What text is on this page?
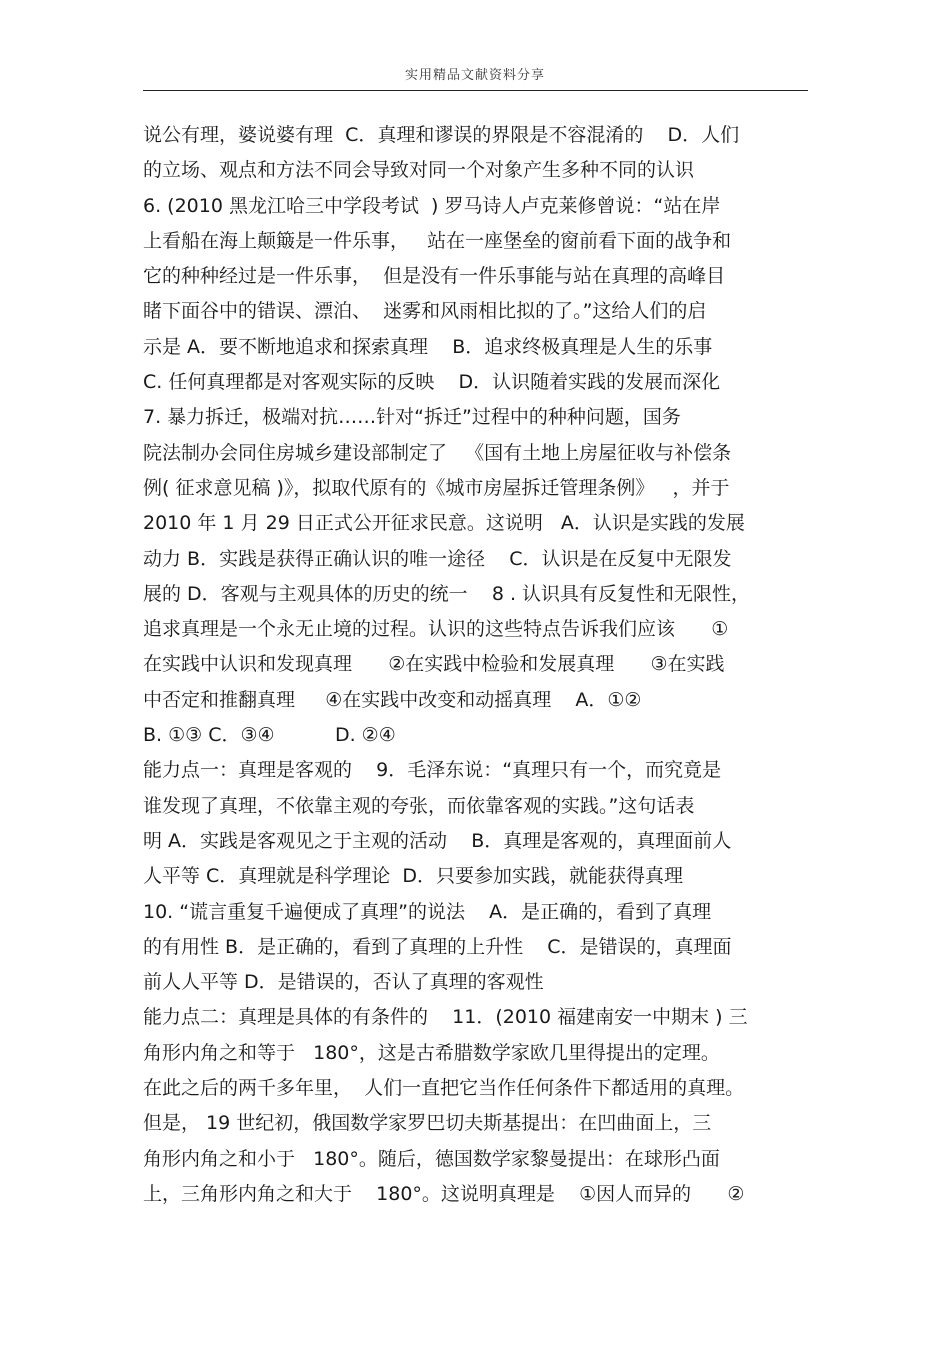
实用精品文献资料分享
说公有理，婆说婆有理  C．真理和谬误的界限是不容混淆的    D．人们
的立场、观点和方法不同会导致对同一个对象产生多种不同的认识
6. (2010 黑龙江哈三中学段考试  ) 罗马诗人卢克莱修曾说：“站在岸
上看船在海上颠簸是一件乐事，   站在一座堡垒的窗前看下面的战争和
它的种种经过是一件乐事，  但是没有一件乐事能与站在真理的高峰目
睹下面谷中的错误、漂泊、  迷雾和风雨相比拟的了。”这给人们的启
示是 A．要不断地追求和探索真理    B．追求终极真理是人生的乐事
C. 任何真理都是对客观实际的反映    D．认识随着实践的发展而深化
7. 暴力拆迁，极端对抗……针对“拆迁”过程中的种种问题，国务
院法制办会同住房城乡建设部制定了   《国有土地上房屋征收与补偿条
例( 征求意见稿 )》，拟取代原有的《城市房屋拆迁管理条例》   ，并于
2010 年 1 月 29 日正式公开征求民意。这说明   A．认识是实践的发展
动力 B．实践是获得正确认识的唯一途径    C．认识是在反复中无限发
展的 D．客观与主观具体的历史的统一    8 . 认识具有反复性和无限性，
追求真理是一个永无止境的过程。认识的这些特点告诉我们应该      ①
在实践中认识和发现真理      ②在实践中检验和发展真理      ③在实践
中否定和推翻真理     ④在实践中改变和动摇真理    A．①②
B. ①③ C．③④          D. ②④
能力点一：真理是客观的    9．毛泽东说：“真理只有一个，而究竟是
谁发现了真理，不依靠主观的夸张，而依靠客观的实践。”这句话表
明 A．实践是客观见之于主观的活动    B．真理是客观的，真理面前人
人平等 C．真理就是科学理论  D．只要参加实践，就能获得真理
10. “谎言重复千遍便成了真理”的说法    A．是正确的，看到了真理
的有用性 B．是正确的，看到了真理的上升性    C．是错误的，真理面
前人人平等 D．是错误的，否认了真理的客观性
能力点二：真理是具体的有条件的    11．(2010 福建南安一中期末 ) 三
角形内角之和等于   180°，这是古希腊数学家欧几里得提出的定理。
在此之后的两千多年里，  人们一直把它当作任何条件下都适用的真理。
但是， 19 世纪初，俄国数学家罗巴切夫斯基提出：在凹曲面上，三
角形内角之和小于   180°。随后，德国数学家黎曼提出：在球形凸面
上，三角形内角之和大于    180°。这说明真理是    ①因人而异的      ②
